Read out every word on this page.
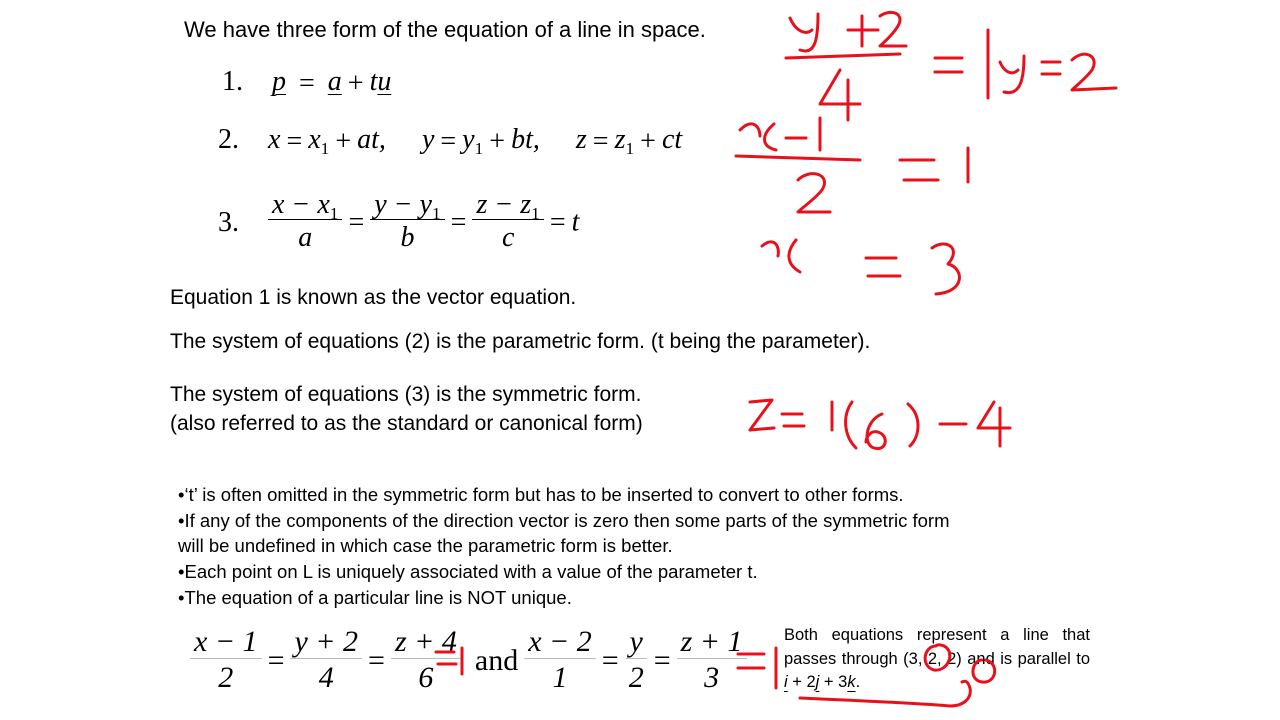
We have three form of the equation of a line in space.
1. p = a + tu
2. $x = x_1$ + at, $y = y_1$ + bt, $z = z_1$ + ct
3. $\frac{x - x_1}{a} = \frac{y - y_1}{b} = \frac{z - z_1}{c} = t$
Equation 1 is known as the vector equation.
The system of equations (2) is the parametric form. (t being the parameter).
The system of equations (3) is the symmetric form.
(also referred to as the standard or canonical form)
•‘t’ is often omitted in the symmetric form but has to be inserted to convert to other forms.
•If any of the components of the direction vector is zero then some parts of the symmetric form
will be undefined in which case the parametric form is better.
•Each point on L is uniquely associated with a value of the parameter t.
•The equation of a particular line is NOT unique.
$\frac{x - 1}{2} = \frac{y + 2}{4} = \frac{z + 4}{6}$ and $\frac{x - 2}{1} = \frac{y}{2} = \frac{z + 1}{3}$ Both equations represent a line that passes through (3, 2, 2) and is parallel to i + 2j + 3k.
